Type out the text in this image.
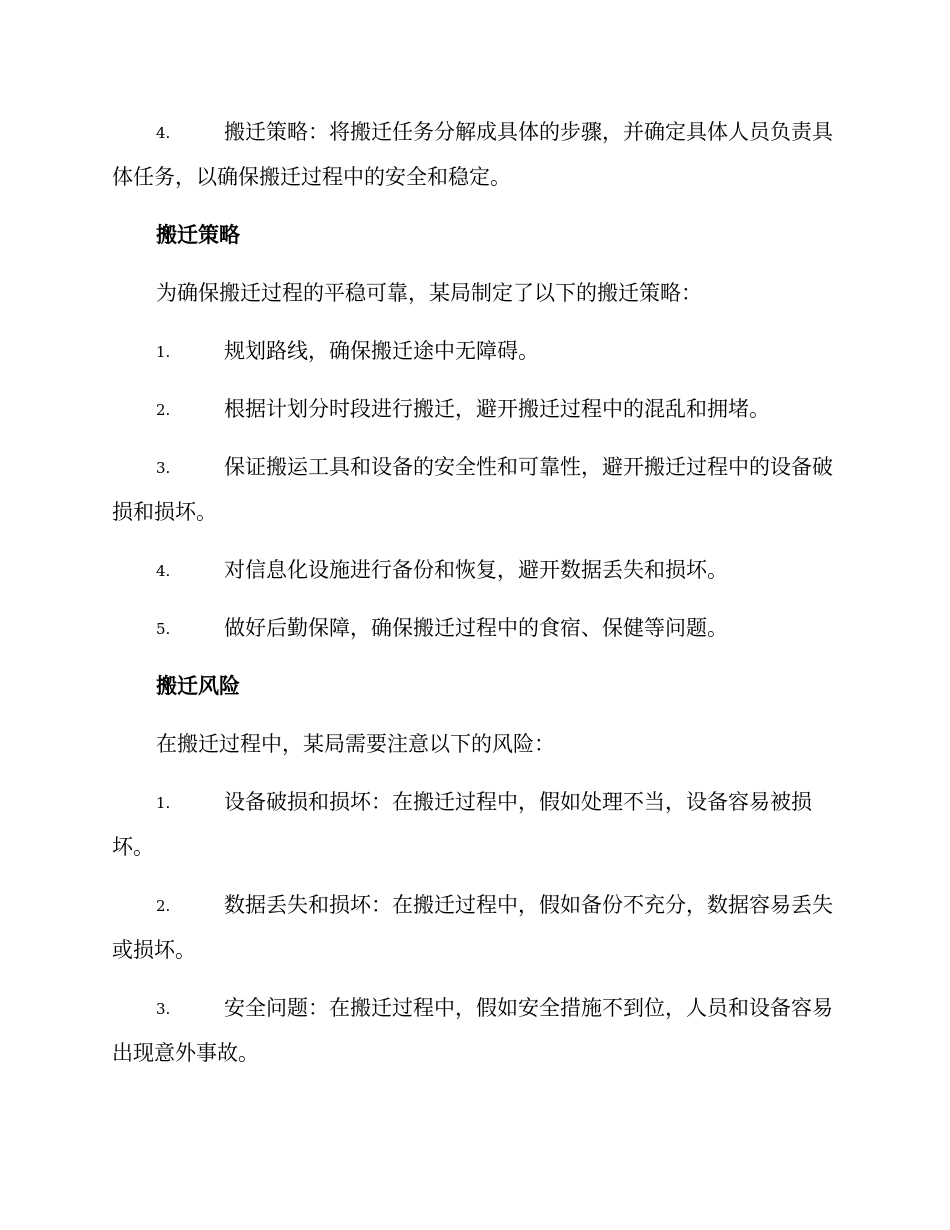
4.	搬迁策略：将搬迁任务分解成具体的步骤，并确定具体人员负责具体任务，以确保搬迁过程中的安全和稳定。
搬迁策略
为确保搬迁过程的平稳可靠，某局制定了以下的搬迁策略：
1.	规划路线，确保搬迁途中无障碍。
2.	根据计划分时段进行搬迁，避开搬迁过程中的混乱和拥堵。
3.	保证搬运工具和设备的安全性和可靠性，避开搬迁过程中的设备破损和损坏。
4.	对信息化设施进行备份和恢复，避开数据丢失和损坏。
5.	做好后勤保障，确保搬迁过程中的食宿、保健等问题。
搬迁风险
在搬迁过程中，某局需要注意以下的风险：
1.	设备破损和损坏：在搬迁过程中，假如处理不当，设备容易被损坏。
2.	数据丢失和损坏：在搬迁过程中，假如备份不充分，数据容易丢失或损坏。
3.	安全问题：在搬迁过程中，假如安全措施不到位，人员和设备容易出现意外事故。
